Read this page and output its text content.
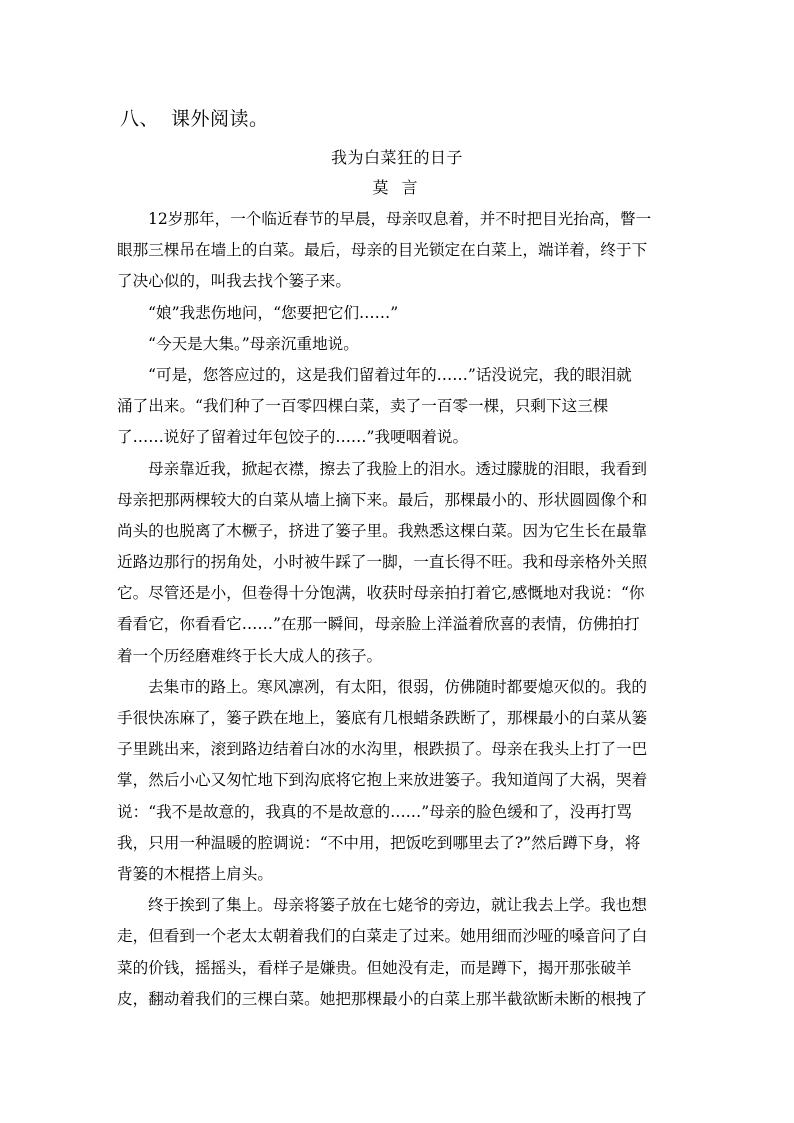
八、 课外阅读。
我为白菜狂的日子
莫 言
12岁那年，一个临近春节的早晨，母亲叹息着，并不时把目光抬高，瞥一
眼那三棵吊在墙上的白菜。最后，母亲的目光锁定在白菜上，端详着，终于下
了决心似的，叫我去找个篓子来。
“娘”我悲伤地问，“您要把它们……”
“今天是大集。”母亲沉重地说。
“可是，您答应过的，这是我们留着过年的……”话没说完，我的眼泪就
涌了出来。“我们种了一百零四棵白菜，卖了一百零一棵，只剩下这三棵
了……说好了留着过年包饺子的……”我哽咽着说。
母亲靠近我，掀起衣襟，擦去了我脸上的泪水。透过朦胧的泪眼，我看到
母亲把那两棵较大的白菜从墙上摘下来。最后，那棵最小的、形状圆圆像个和
尚头的也脱离了木橛子，挤进了篓子里。我熟悉这棵白菜。因为它生长在最靠
近路边那行的拐角处，小时被牛踩了一脚，一直长得不旺。我和母亲格外关照
它。尽管还是小，但卷得十分饱满，收获时母亲拍打着它,感慨地对我说：“你
看看它，你看看它……”在那一瞬间，母亲脸上洋溢着欣喜的表情，仿佛拍打
着一个历经磨难终于长大成人的孩子。
去集市的路上。寒风凛冽，有太阳，很弱，仿佛随时都要熄灭似的。我的
手很快冻麻了，篓子跌在地上，篓底有几根蜡条跌断了，那棵最小的白菜从篓
子里跳出来，滚到路边结着白冰的水沟里，根跌损了。母亲在我头上打了一巴
掌，然后小心又匆忙地下到沟底将它抱上来放进篓子。我知道闯了大祸，哭着
说：“我不是故意的，我真的不是故意的……”母亲的脸色缓和了，没再打骂
我，只用一种温暖的腔调说：“不中用，把饭吃到哪里去了?”然后蹲下身，将
背篓的木棍搭上肩头。
终于挨到了集上。母亲将篓子放在七姥爷的旁边，就让我去上学。我也想
走，但看到一个老太太朝着我们的白菜走了过来。她用细而沙哑的嗓音问了白
菜的价钱，摇摇头，看样子是嫌贵。但她没有走，而是蹲下，揭开那张破羊
皮，翻动着我们的三棵白菜。她把那棵最小的白菜上那半截欲断未断的根拽了
